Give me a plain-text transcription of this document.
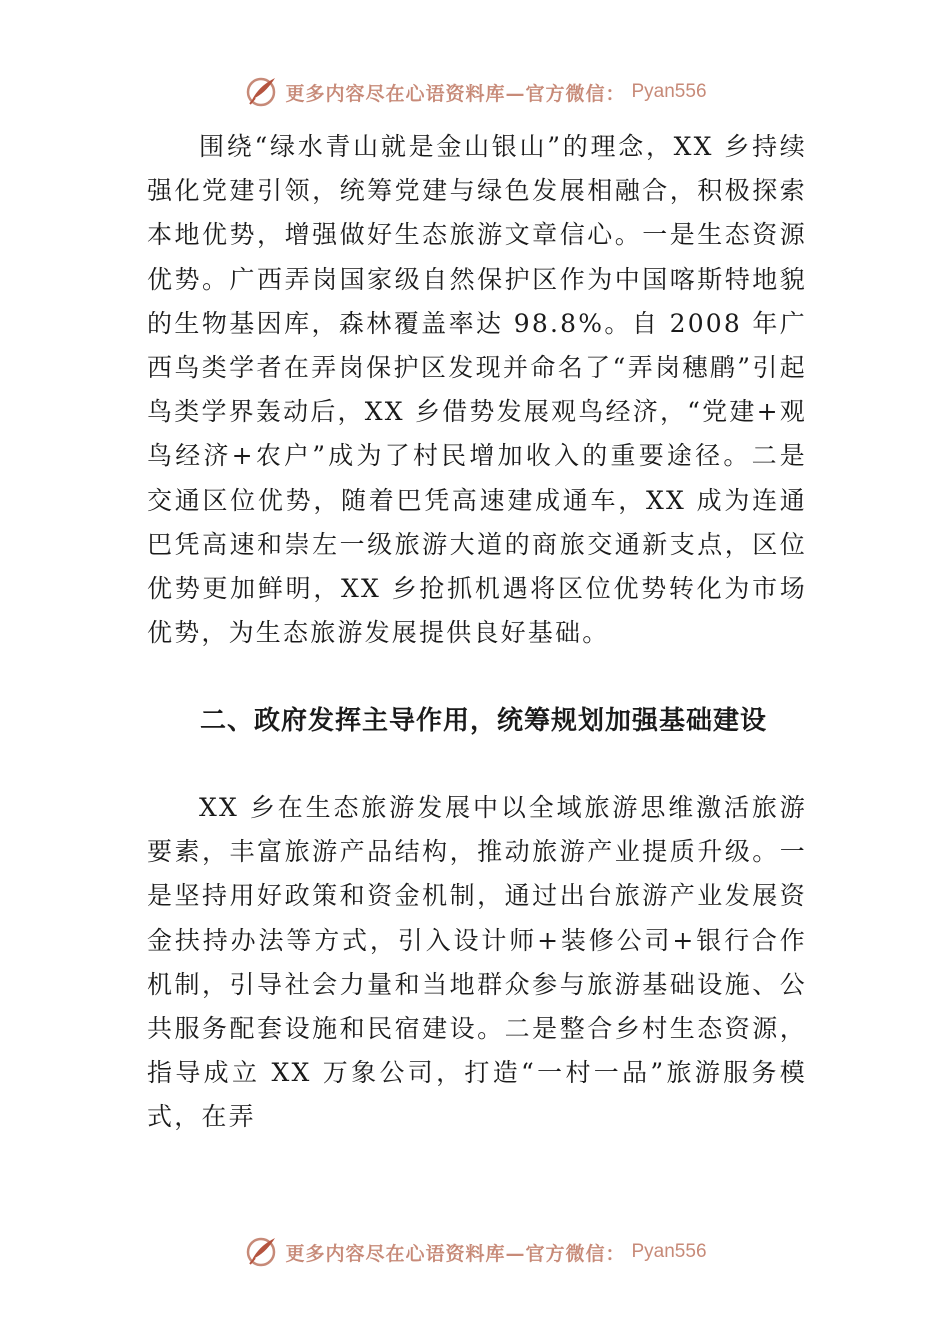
更多内容尽在心语资料库—官方微信： Pyan556

围绕“绿水青山就是金山银山”的理念，XX 乡持续强化党建引领，统筹党建与绿色发展相融合，积极探索本地优势，增强做好生态旅游文章信心。一是生态资源优势。广西弄岗国家级自然保护区作为中国喀斯特地貌的生物基因库，森林覆盖率达 98.8%。自 2008 年广西鸟类学者在弄岗保护区发现并命名了“弄岗穗鹛”引起鸟类学界轰动后，XX 乡借势发展观鸟经济，“党建+观鸟经济+农户”成为了村民增加收入的重要途径。二是交通区位优势，随着巴凭高速建成通车，XX 成为连通巴凭高速和崇左一级旅游大道的商旅交通新支点，区位优势更加鲜明，XX 乡抢抓机遇将区位优势转化为市场优势，为生态旅游发展提供良好基础。

二、政府发挥主导作用，统筹规划加强基础建设

XX 乡在生态旅游发展中以全域旅游思维激活旅游要素，丰富旅游产品结构，推动旅游产业提质升级。一是坚持用好政策和资金机制，通过出台旅游产业发展资金扶持办法等方式，引入设计师+装修公司+银行合作机制，引导社会力量和当地群众参与旅游基础设施、公共服务配套设施和民宿建设。二是整合乡村生态资源，指导成立 XX 万象公司，打造“一村一品”旅游服务模式，在弄

更多内容尽在心语资料库—官方微信： Pyan556
